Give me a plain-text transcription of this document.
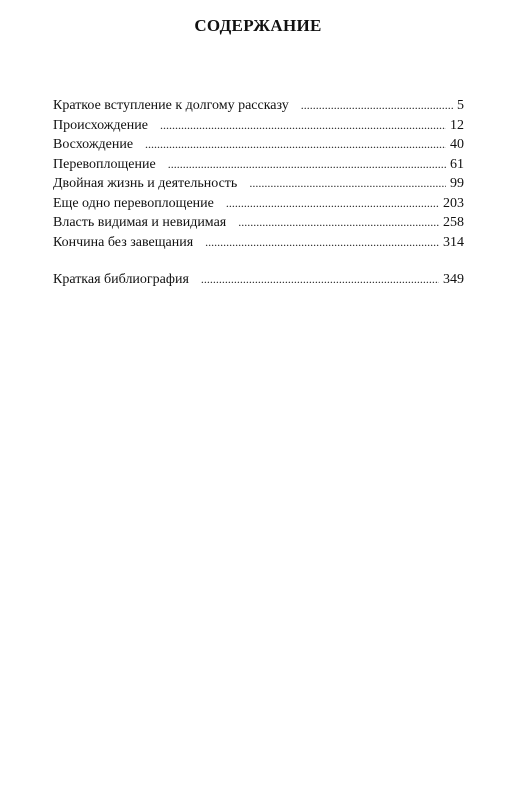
СОДЕРЖАНИЕ
Краткое вступление к долгому рассказу .....	5
Происхождение .....	12
Восхождение .....	40
Перевоплощение .....	61
Двойная жизнь и деятельность .....	99
Еще одно перевоплощение .....	203
Власть видимая и невидимая .....	258
Кончина без завещания .....	314
Краткая библиография .....	349
